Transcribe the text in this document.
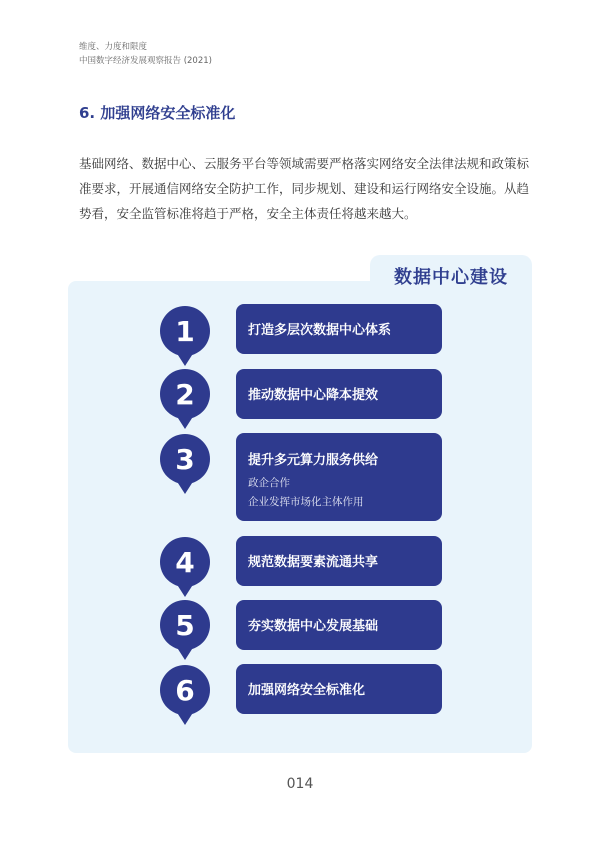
维度、力度和限度
中国数字经济发展观察报告 (2021)
6. 加强网络安全标准化
基础网络、数据中心、云服务平台等领域需要严格落实网络安全法律法规和政策标准要求，开展通信网络安全防护工作，同步规划、建设和运行网络安全设施。从趋势看，安全监管标准将趋于严格，安全主体责任将越来越大。
数据中心建设
1	打造多层次数据中心体系
2	推动数据中心降本提效
3	提升多元算力服务供给
政企合作
企业发挥市场化主体作用
4	规范数据要素流通共享
5	夯实数据中心发展基础
6	加强网络安全标准化
014
